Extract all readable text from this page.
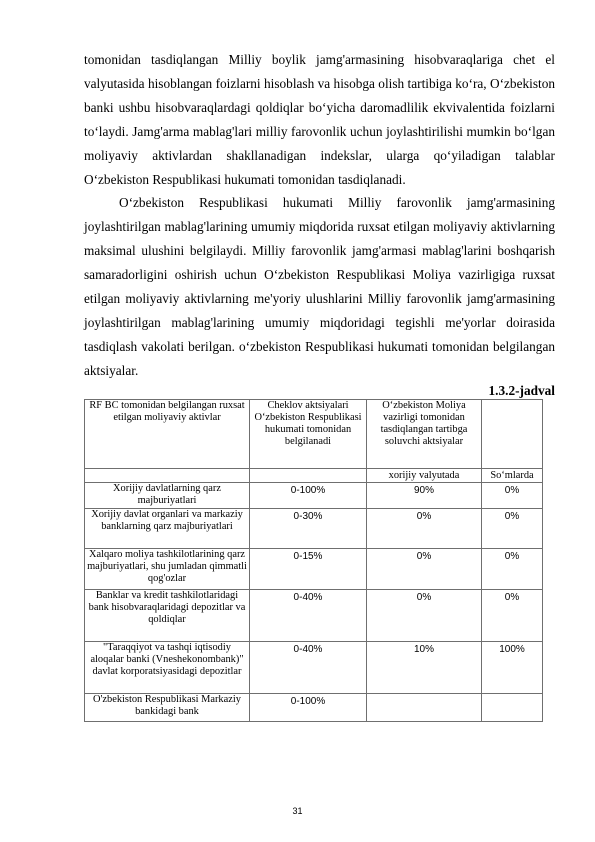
tomonidan tasdiqlangan Milliy boylik jamg'armasining hisobvaraqlariga chet el valyutasida hisoblangan foizlarni hisoblash va hisobga olish tartibiga ko‘ra, O‘zbekiston banki ushbu hisobvaraqlardagi qoldiqlar bo‘yicha daromadlilik ekvivalentida foizlarni to‘laydi. Jamg'arma mablag'lari milliy farovonlik uchun joylashtirilishi mumkin bo‘lgan moliyaviy aktivlardan shakllanadigan indekslar, ularga qo‘yiladigan talablar O‘zbekiston Respublikasi hukumati tomonidan tasdiqlanadi.

O‘zbekiston Respublikasi hukumati Milliy farovonlik jamg'armasining joylashtirilgan mablag'larining umumiy miqdorida ruxsat etilgan moliyaviy aktivlarning maksimal ulushini belgilaydi. Milliy farovonlik jamg'armasi mablag'larini boshqarish samaradorligini oshirish uchun O‘zbekiston Respublikasi Moliya vazirligiga ruxsat etilgan moliyaviy aktivlarning me'yoriy ulushlarini Milliy farovonlik jamg'armasining joylashtirilgan mablag'larining umumiy miqdoridagi tegishli me'yorlar doirasida tasdiqlash vakolati berilgan. o‘zbekiston Respublikasi hukumati tomonidan belgilangan aktsiyalar.

1.3.2-jadval
RF BC tomonidan belgilangan ruxsat etilgan moliyaviy aktivlar	Cheklov aktsiyalari O‘zbekiston Respublikasi hukumati tomonidan belgilanadi	O‘zbekiston Moliya vazirligi tomonidan tasdiqlangan tartibga soluvchi aktsiyalar	
		xorijiy valyutada	So‘mlarda
Xorijiy davlatlarning qarz majburiyatlari	0-100%	90%	0%
Xorijiy davlat organlari va markaziy banklarning qarz majburiyatlari	0-30%	0%	0%
Xalqaro moliya tashkilotlarining qarz majburiyatlari, shu jumladan qimmatli qog'ozlar	0-15%	0%	0%
Banklar va kredit tashkilotlaridagi bank hisobvaraqlaridagi depozitlar va qoldiqlar	0-40%	0%	0%
"Taraqqiyot va tashqi iqtisodiy aloqalar banki (Vneshekonombank)" davlat korporatsiyasidagi depozitlar	0-40%	10%	100%
O'zbekiston Respublikasi Markaziy bankidagi bank	0-100%		
31
